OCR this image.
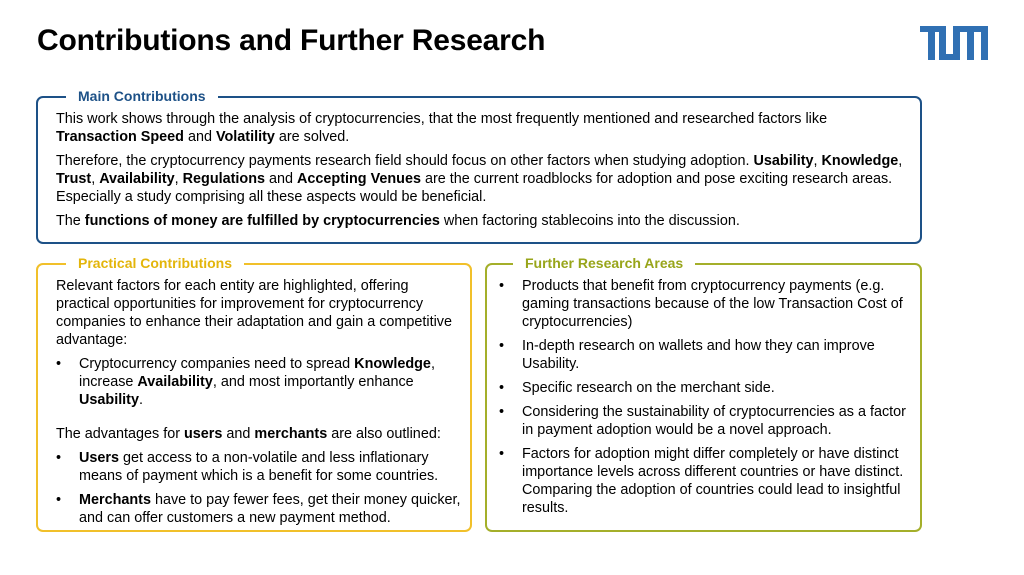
Contributions and Further Research
Main Contributions

This work shows through the analysis of cryptocurrencies, that the most frequently mentioned and researched factors like Transaction Speed and Volatility are solved.

Therefore, the cryptocurrency payments research field should focus on other factors when studying adoption. Usability, Knowledge, Trust, Availability, Regulations and Accepting Venues are the current roadblocks for adoption and pose exciting research areas. Especially a study comprising all these aspects would be beneficial.

The functions of money are fulfilled by cryptocurrencies when factoring stablecoins into the discussion.

Practical Contributions

Relevant factors for each entity are highlighted, offering practical opportunities for improvement for cryptocurrency companies to enhance their adaptation and gain a competitive advantage:

• Cryptocurrency companies need to spread Knowledge, increase Availability, and most importantly enhance Usability.

The advantages for users and merchants are also outlined:

• Users get access to a non-volatile and less inflationary means of payment which is a benefit for some countries.
• Merchants have to pay fewer fees, get their money quicker, and can offer customers a new payment method.
Further Research Areas
• Products that benefit from cryptocurrency payments (e.g. gaming transactions because of the low Transaction Cost of cryptocurrencies)
• In-depth research on wallets and how they can improve Usability.
• Specific research on the merchant side.
• Considering the sustainability of cryptocurrencies as a factor in payment adoption would be a novel approach.
• Factors for adoption might differ completely or have distinct importance levels across different countries or have distinct. Comparing the adoption of countries could lead to insightful results.
